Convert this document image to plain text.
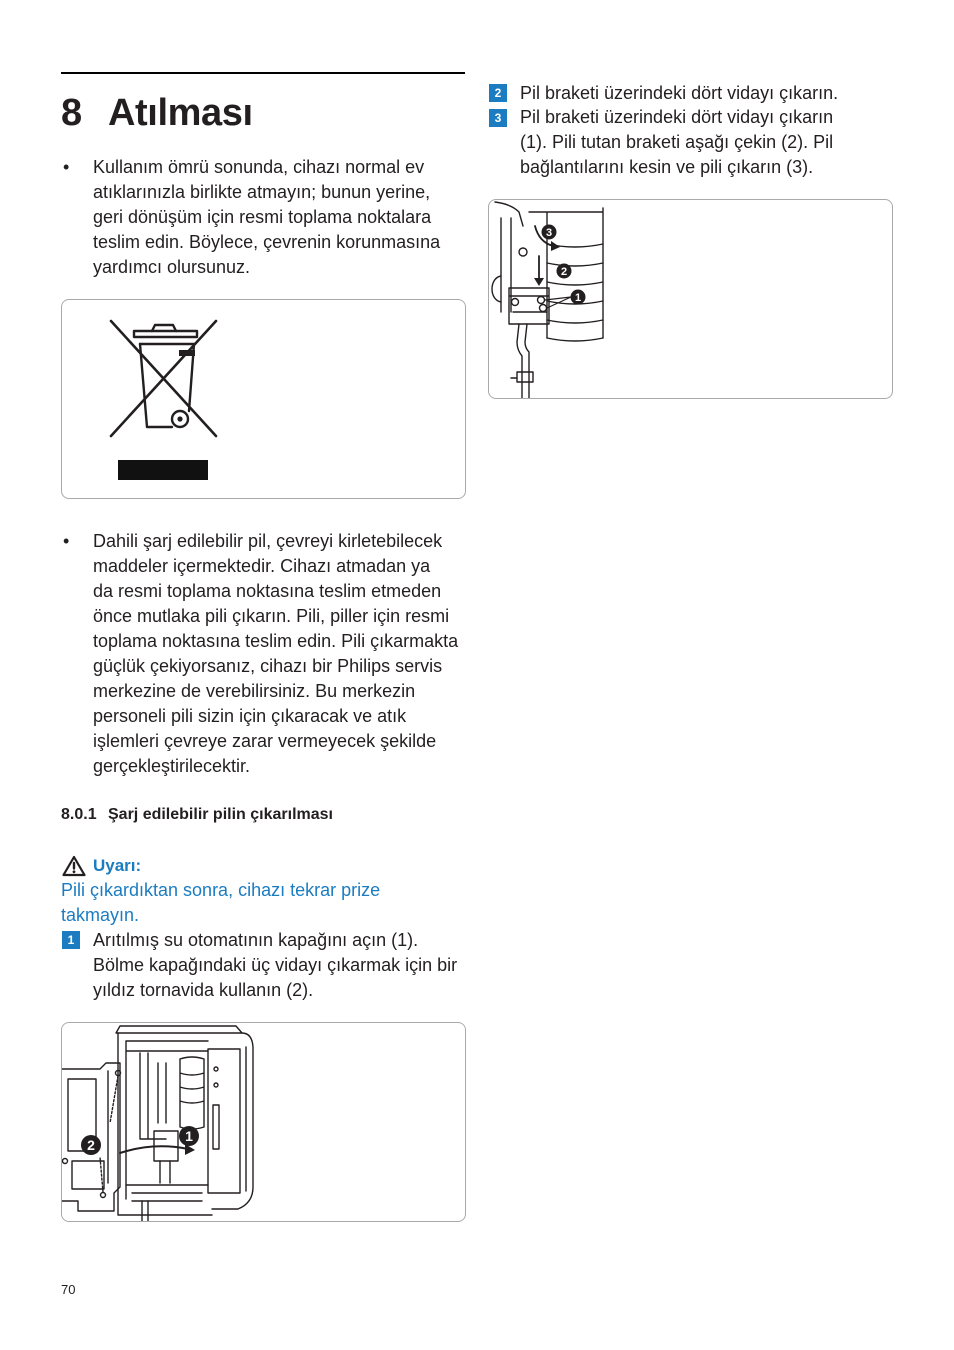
8 Atılması
• Kullanım ömrü sonunda, cihazı normal ev
atıklarınızla birlikte atmayın; bunun yerine,
geri dönüşüm için resmi toplama noktalara
teslim edin. Böylece, çevrenin korunmasına
yardımcı olursunuz.
• Dahili şarj edilebilir pil, çevreyi kirletebilecek
maddeler içermektedir. Cihazı atmadan ya
da resmi toplama noktasına teslim etmeden
önce mutlaka pili çıkarın. Pili, piller için resmi
toplama noktasına teslim edin. Pili çıkarmakta
güçlük çekiyorsanız, cihazı bir Philips servis
merkezine de verebilirsiniz. Bu merkezin
personeli pili sizin için çıkaracak ve atık
işlemleri çevreye zarar vermeyecek şekilde
gerçekleştirilecektir.
8.0.1 Şarj edilebilir pilin çıkarılması
Uyarı:
Pili çıkardıktan sonra, cihazı tekrar prize
takmayın.
1	Arıtılmış su otomatının kapağını açın (1).
Bölme kapağındaki üç vidayı çıkarmak için bir
yıldız tornavida kullanın (2).
2
1
2	Pil braketi üzerindeki dört vidayı çıkarın.
3	Pil braketi üzerindeki dört vidayı çıkarın
(1). Pili tutan braketi aşağı çekin (2). Pil
bağlantılarını kesin ve pili çıkarın (3).
3
2
1
70
